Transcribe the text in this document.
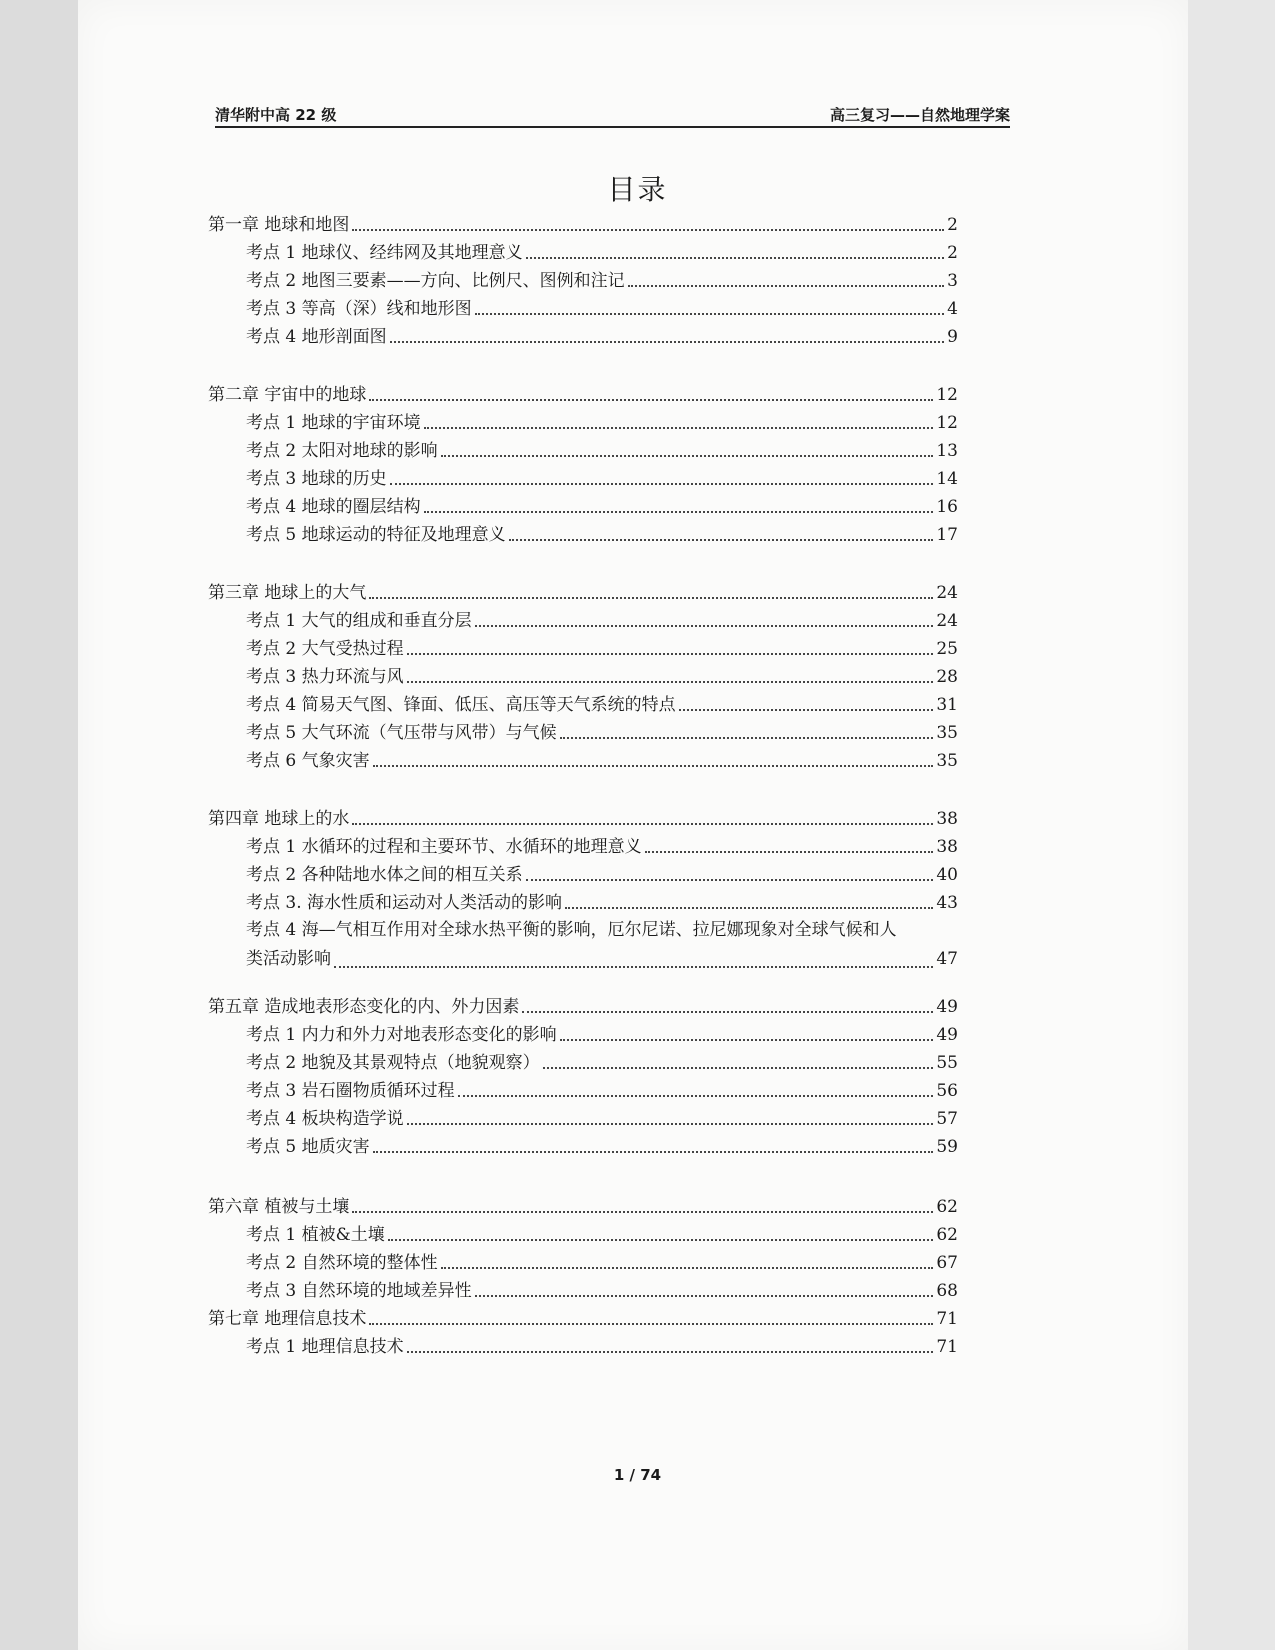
清华附中高 22 级	高三复习——自然地理学案
目录
第一章 地球和地图	2
考点 1 地球仪、经纬网及其地理意义	2
考点 2 地图三要素——方向、比例尺、图例和注记	3
考点 3 等高（深）线和地形图	4
考点 4 地形剖面图	9
第二章 宇宙中的地球	12
考点 1 地球的宇宙环境	12
考点 2 太阳对地球的影响	13
考点 3 地球的历史	14
考点 4 地球的圈层结构	16
考点 5 地球运动的特征及地理意义	17
第三章 地球上的大气	24
考点 1 大气的组成和垂直分层	24
考点 2 大气受热过程	25
考点 3 热力环流与风	28
考点 4 简易天气图、锋面、低压、高压等天气系统的特点	31
考点 5 大气环流（气压带与风带）与气候	35
考点 6 气象灾害	35
第四章 地球上的水	38
考点 1 水循环的过程和主要环节、水循环的地理意义	38
考点 2 各种陆地水体之间的相互关系	40
考点 3. 海水性质和运动对人类活动的影响	43
考点 4 海—气相互作用对全球水热平衡的影响，厄尔尼诺、拉尼娜现象对全球气候和人
类活动影响	47
第五章 造成地表形态变化的内、外力因素	49
考点 1 内力和外力对地表形态变化的影响	49
考点 2 地貌及其景观特点（地貌观察）	55
考点 3 岩石圈物质循环过程	56
考点 4 板块构造学说	57
考点 5 地质灾害	59
第六章 植被与土壤	62
考点 1 植被&土壤	62
考点 2 自然环境的整体性	67
考点 3 自然环境的地域差异性	68
第七章 地理信息技术	71
考点 1 地理信息技术	71
1 / 74
